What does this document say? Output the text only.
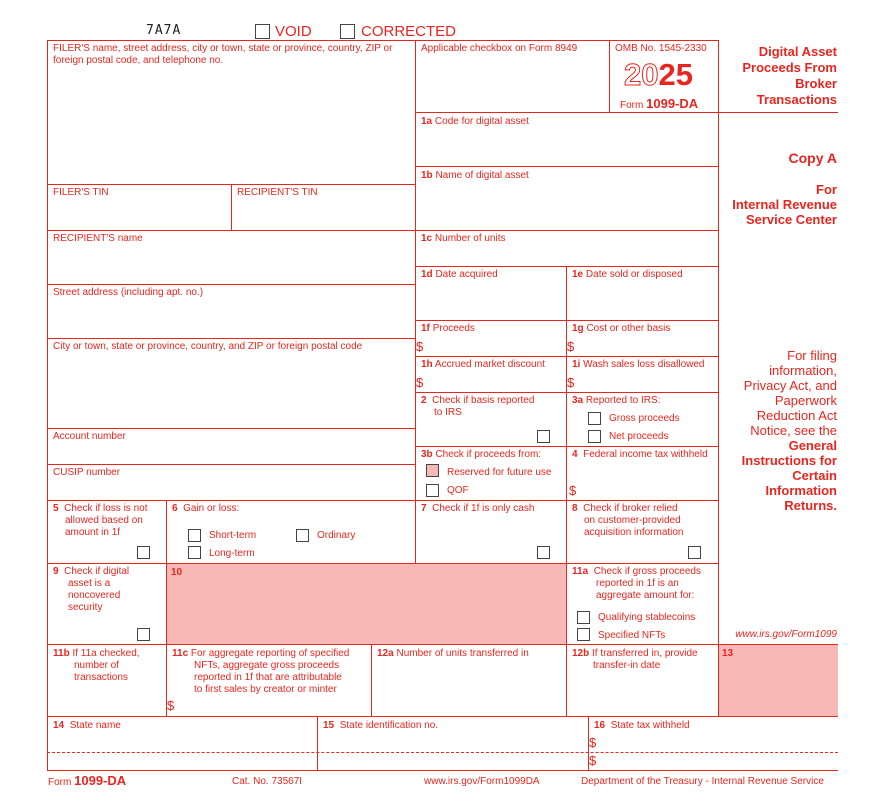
7A7A	VOID	CORRECTED
FILER'S name, street address, city or town, state or province, country, ZIP or foreign postal code, and telephone no.
FILER'S TIN	RECIPIENT'S TIN
RECIPIENT'S name
Street address (including apt. no.)
City or town, state or province, country, and ZIP or foreign postal code
Account number
CUSIP number
Applicable checkbox on Form 8949	OMB No. 1545-2330
2025
Form 1099-DA
Digital Asset
Proceeds From
Broker
Transactions
Copy A
For
Internal Revenue
Service Center
For filing
information,
Privacy Act, and
Paperwork
Reduction Act
Notice, see the
General
Instructions for
Certain
Information
Returns.
www.irs.gov/Form1099
1a Code for digital asset
1b Name of digital asset
1c Number of units
1d Date acquired	1e Date sold or disposed
1f Proceeds
$
1g Cost or other basis
$
1h Accrued market discount
$
1i Wash sales loss disallowed
$
2 Check if basis reported
to IRS
3a Reported to IRS:
Gross proceeds
Net proceeds
3b Check if proceeds from:
Reserved for future use
QOF
4 Federal income tax withheld
$
5 Check if loss is not
allowed based on
amount in 1f
6 Gain or loss:
Short-term
Long-term
Ordinary
7 Check if 1f is only cash	8 Check if broker relied
on customer-provided
acquisition information
9 Check if digital
asset is a
noncovered
security
10	11a Check if gross proceeds
reported in 1f is an
aggregate amount for:
Qualifying stablecoins
Specified NFTs
11b If 11a checked,
number of
transactions
11c For aggregate reporting of specified
NFTs, aggregate gross proceeds
reported in 1f that are attributable
to first sales by creator or minter
$
12a Number of units transferred in	12b If transferred in, provide
transfer-in date
13
14 State name	15 State identification no.	16 State tax withheld
$
$
Form 1099-DA	Cat. No. 73567I	www.irs.gov/Form1099DA	Department of the Treasury - Internal Revenue Service
